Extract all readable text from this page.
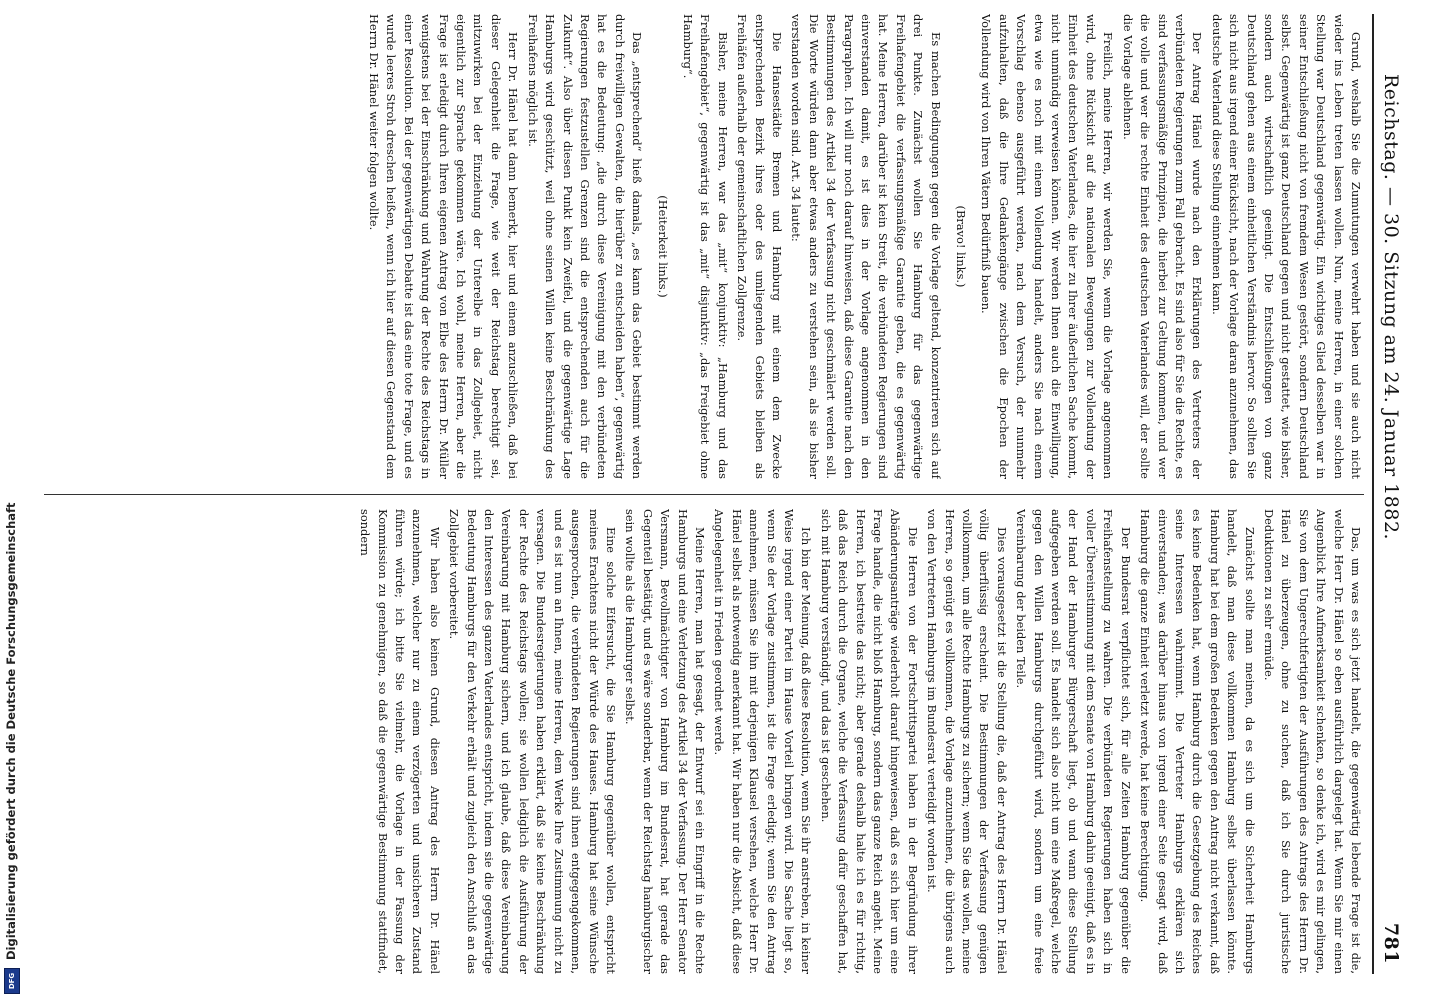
Digitalisierung gefördert durch die Deutsche Forschungsgemeinschaft
DFG
Reichstag. — 30. Sitzung am 24. Januar 1882.
781

Grund, weshalb Sie die Zumutungen verwehrt haben und sie auch nicht wieder ins Leben treten lassen wollen. Nun, meine Herren, in einer solchen Stellung war Deutschland gegenwärtig. Ein wichtiges Glied desselben war in seiner Entschließung nicht von fremdem Wesen gestört, sondern Deutschland selbst. Gegenwärtig ist ganz Deutschland gegen und nicht gestattet, wie bisher, sondern auch wirtschaftlich geeinigt. Die Entschließungen von ganz Deutschland gehen aus einem einheitlichen Verständnis hervor. So sollten Sie sich nicht aus irgend einer Rücksicht, nach der Vorlage daran anzunehmen, das deutsche Vaterland diese Stellung einnehmen kann.

Der Antrag Hänel wurde nach den Erklärungen des Vertreters der verbündeten Regierungen zum Fall gebracht. Es sind also für Sie die Rechte, es sind verfassungsmäßige Prinzipien, die hierbei zur Geltung kommen, und wer die volle und wer die rechte Einheit des deutschen Vaterlandes will, der sollte die Vorlage ablehnen.

Freilich, meine Herren, wir werden Sie, wenn die Vorlage angenommen wird, ohne Rücksicht auf die nationalen Bewegungen zur Vollendung der Einheit des deutschen Vaterlandes, die hier zu Ihrer äußerlichen Sache kommt, nicht unmündig verweisen können. Wir werden Ihnen auch die Einwilligung, etwa wie es noch mit einem Vollendung handelt, anders Sie nach einem Vorschlag ebenso ausgeführt werden, nach dem Versuch, der nunmehr aufzuhalten, daß die Ihre Gedankengänge zwischen die Epochen der Vollendung wird von Ihren Vätern Bedürfniß bauen.

(Bravo! links.)

Es machen Bedingungen gegen die Vorlage geltend, konzentrieren sich auf drei Punkte. Zunächst wollen Sie Hamburg für das gegenwärtige Freihafengebiet die verfassungsmäßige Garantie geben, die es gegenwärtig hat. Meine Herren, darüber ist kein Streit, die verbündeten Regierungen sind einverstanden damit, es ist dies in der Vorlage angenommen in den Paragraphen. Ich will nur noch darauf hinweisen, daß diese Garantie nach den Bestimmungen des Artikel 34 der Verfassung nicht geschmälert werden soll. Die Worte würden dann aber etwas anders zu verstehen sein, als sie bisher verstanden worden sind. Art. 34 lautet:

Die Hansestädte Bremen und Hamburg mit einem dem Zwecke entsprechenden Bezirk ihres oder des umliegenden Gebiets bleiben als Freihäfen außerhalb der gemeinschaftlichen Zollgrenze.

Bisher, meine Herren, war das „mit“ konjunktiv: „Hamburg und das Freihafengebiet“, gegenwärtig ist das „mit“ disjunktiv: „das Freigebiet ohne Hamburg“.

(Heiterkeit links.)

Das „entsprechend“ hieß damals, „es kann das Gebiet bestimmt werden durch freiwilligen Gewalten, die hierüber zu entscheiden haben“, gegenwärtig hat es die Bedeutung: „die durch diese Vereinigung mit den verbündeten Regierungen festzustellen Grenzen sind die entsprechenden auch für die Zukunft“. Also über diesen Punkt kein Zweifel, und die gegenwärtige Lage Hamburgs wird geschützt, weil ohne seinen Willen keine Beschränkung des Freihafens möglich ist.

Herr Dr. Hänel hat dann bemerkt, hier und einem anzuschließen, daß bei dieser Gelegenheit die Frage, wie weit der Reichstag berechtigt sei, mitzuwirken bei der Einziehung der Unterelbe in das Zollgebiet, nicht eigentlich zur Sprache gekommen wäre. Ich wohl, meine Herren, aber die Frage ist erledigt durch Ihren eigenen Antrag von Elbe des Herrn Dr. Müller wenigstens bei der Einschränkung und Wahrung der Rechte des Reichstags in einer Resolution. Bei der gegenwärtigen Debatte ist das eine tote Frage, und es wurde leeres Stroh dreschen heißen, wenn ich hier auf diesen Gegenstand dem Herrn Dr. Hänel weiter folgen wollte.

Das, um was es sich jetzt handelt, die gegenwärtig lebende Frage ist die, welche Herr Dr. Hänel so eben ausführlich dargelegt hat. Wenn Sie mir einen Augenblick Ihre Aufmerksamkeit schenken, so denke ich, wird es mir gelingen, Sie von dem Ungerechtfertigten der Ausführungen des Antrags des Herrn Dr. Hänel zu überzeugen, ohne zu suchen, daß ich Sie durch juristische Deduktionen zu sehr ermüde.

Zunächst sollte man meinen, da es sich um die Sicherheit Hamburgs handelt, daß man diese vollkommen Hamburg selbst überlassen könnte. Hamburg hat bei dem großen Bedenken gegen den Antrag nicht verkannt, daß es keine Bedenken hat, wenn Hamburg durch die Gesetzgebung des Reiches seine Interessen wahrnimmt. Die Vertreter Hamburgs erklären sich einverstanden; was darüber hinaus von irgend einer Seite gesagt wird, daß Hamburg die ganze Einheit verletzt werde, hat keine Berechtigung.

Der Bundesrat verpflichtet sich, für alle Zeiten Hamburg gegenüber die Freihafenstellung zu wahren. Die verbündeten Regierungen haben sich in voller Übereinstimmung mit dem Senate von Hamburg dahin geeinigt, daß es in der Hand der Hamburger Bürgerschaft liegt, ob und wann diese Stellung aufgegeben werden soll. Es handelt sich also nicht um eine Maßregel, welche gegen den Willen Hamburgs durchgeführt wird, sondern um eine freie Vereinbarung der beiden Teile.

Dies vorausgesetzt ist die Stellung die, daß der Antrag des Herrn Dr. Hänel völlig überflüssig erscheint. Die Bestimmungen der Verfassung genügen vollkommen, um alle Rechte Hamburgs zu sichern; wenn Sie das wollen, meine Herren, so genügt es vollkommen, die Vorlage anzunehmen, die übrigens auch von den Vertretern Hamburgs im Bundesrat verteidigt worden ist.

Die Herren von der Fortschrittspartei haben in der Begründung ihrer Abänderungsanträge wiederholt darauf hingewiesen, daß es sich hier um eine Frage handle, die nicht bloß Hamburg, sondern das ganze Reich angeht. Meine Herren, ich bestreite das nicht; aber gerade deshalb halte ich es für richtig, daß das Reich durch die Organe, welche die Verfassung dafür geschaffen hat, sich mit Hamburg verständigt, und das ist geschehen.

Ich bin der Meinung, daß diese Resolution, wenn Sie ihr anstreben, in keiner Weise irgend einer Partei im Hause Vorteil bringen wird. Die Sache liegt so, wenn Sie der Vorlage zustimmen, ist die Frage erledigt; wenn Sie den Antrag annehmen, müssen Sie ihn mit derjenigen Klausel versehen, welche Herr Dr. Hänel selbst als notwendig anerkannt hat. Wir haben nur die Absicht, daß diese Angelegenheit in Frieden geordnet werde.

Meine Herren, man hat gesagt, der Entwurf sei ein Eingriff in die Rechte Hamburgs und eine Verletzung des Artikel 34 der Verfassung. Der Herr Senator Versmann, Bevollmächtigter von Hamburg im Bundesrat, hat gerade das Gegenteil bestätigt, und es wäre sonderbar, wenn der Reichstag hamburgischer sein wollte als die Hamburger selbst.

Eine solche Eifersucht, die Sie Hamburg gegenüber wollen, entspricht meines Erachtens nicht der Würde des Hauses. Hamburg hat seine Wünsche ausgesprochen, die verbündeten Regierungen sind ihnen entgegengekommen, und es ist nun an Ihnen, meine Herren, dem Werke Ihre Zustimmung nicht zu versagen. Die Bundesregierungen haben erklärt, daß sie keine Beschränkung der Rechte des Reichstags wollen; sie wollen lediglich die Ausführung der Vereinbarung mit Hamburg sichern, und ich glaube, daß diese Vereinbarung den Interessen des ganzen Vaterlandes entspricht, indem sie die gegenwärtige Bedeutung Hamburgs für den Verkehr erhält und zugleich den Anschluß an das Zollgebiet vorbereitet.

Wir haben also keinen Grund, diesen Antrag des Herrn Dr. Hänel anzunehmen, welcher nur zu einem verzögerten und unsicheren Zustand führen würde; ich bitte Sie vielmehr, die Vorlage in der Fassung der Kommission zu genehmigen, so daß die gegenwärtige Bestimmung stattfindet, sondern
